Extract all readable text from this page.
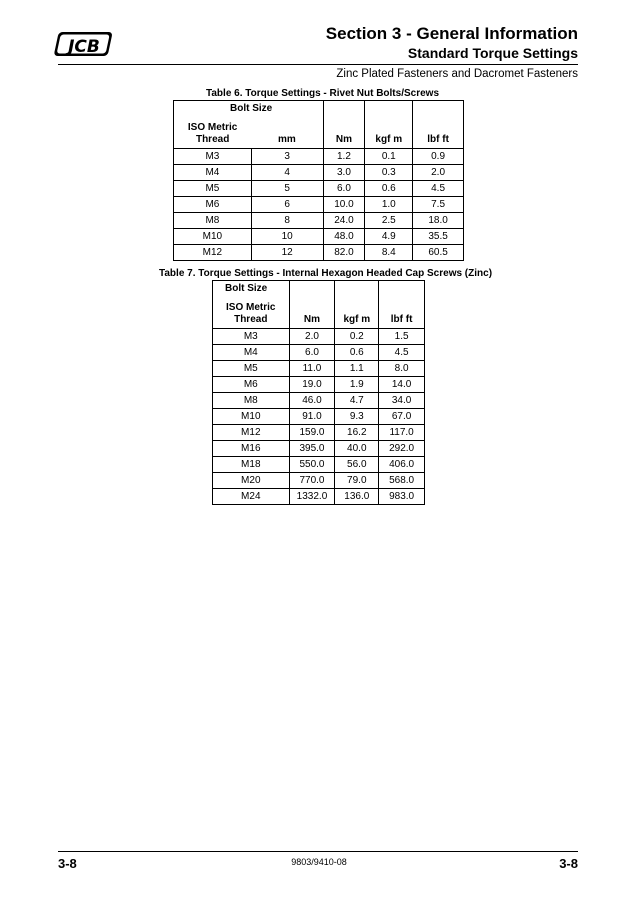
JCB
Section 3 - General Information
Standard Torque Settings
Zinc Plated Fasteners and Dacromet Fasteners
Table 6. Torque Settings - Rivet Nut Bolts/Screws
Bolt Size				
ISO Metric Thread	mm	Nm	kgf m	lbf ft
M3	3	1.2	0.1	0.9
M4	4	3.0	0.3	2.0
M5	5	6.0	0.6	4.5
M6	6	10.0	1.0	7.5
M8	8	24.0	2.5	18.0
M10	10	48.0	4.9	35.5
M12	12	82.0	8.4	60.5
Table 7. Torque Settings - Internal Hexagon Headed Cap Screws (Zinc)
Bolt Size			
ISO Metric Thread	Nm	kgf m	lbf ft
M3	2.0	0.2	1.5
M4	6.0	0.6	4.5
M5	11.0	1.1	8.0
M6	19.0	1.9	14.0
M8	46.0	4.7	34.0
M10	91.0	9.3	67.0
M12	159.0	16.2	117.0
M16	395.0	40.0	292.0
M18	550.0	56.0	406.0
M20	770.0	79.0	568.0
M24	1332.0	136.0	983.0
3-8	9803/9410-08	3-8
